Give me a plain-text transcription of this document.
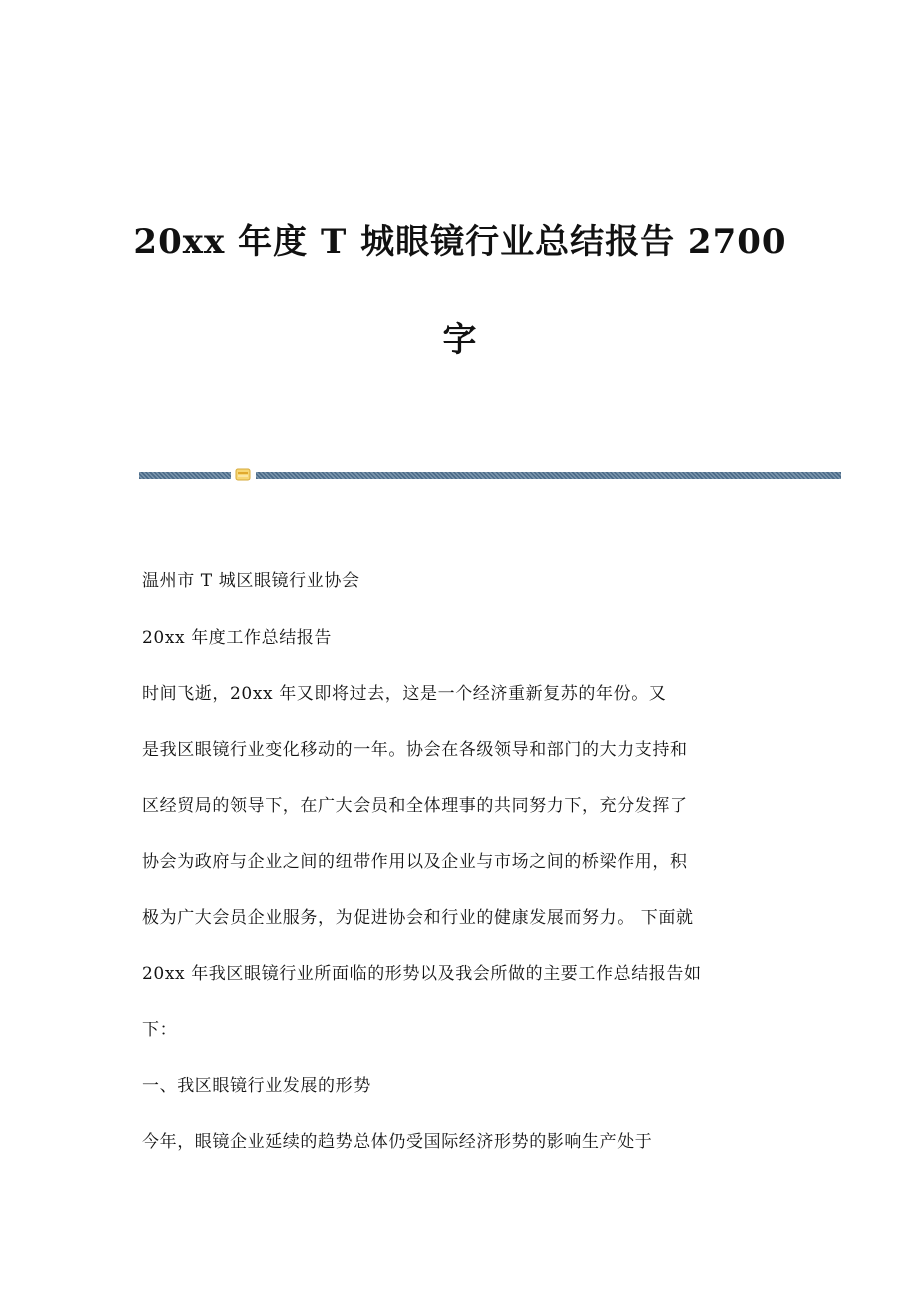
20xx 年度 T 城眼镜行业总结报告 2700
字
温州市 T 城区眼镜行业协会
20xx 年度工作总结报告
时间飞逝，20xx 年又即将过去，这是一个经济重新复苏的年份。又
是我区眼镜行业变化移动的一年。协会在各级领导和部门的大力支持和
区经贸局的领导下，在广大会员和全体理事的共同努力下，充分发挥了
协会为政府与企业之间的纽带作用以及企业与市场之间的桥梁作用，积
极为广大会员企业服务，为促进协会和行业的健康发展而努力。 下面就
20xx 年我区眼镜行业所面临的形势以及我会所做的主要工作总结报告如
下：
一、我区眼镜行业发展的形势
今年，眼镜企业延续的趋势总体仍受国际经济形势的影响生产处于
